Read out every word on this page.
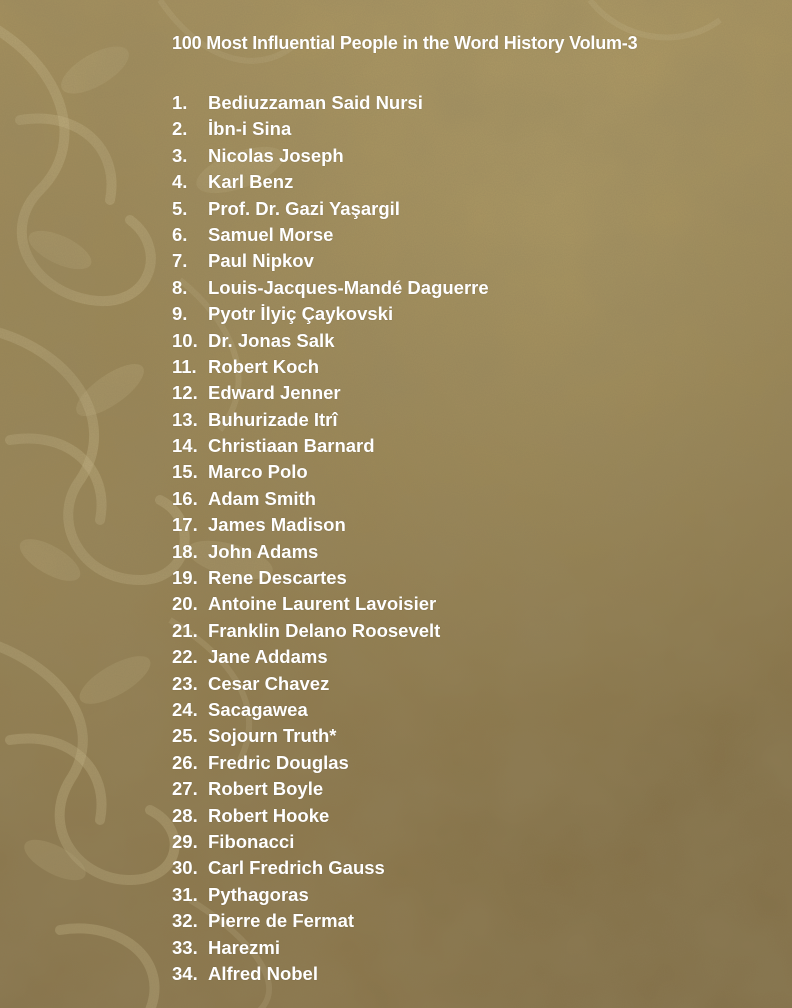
100 Most Influential People in the Word History Volum-3
1.	Bediuzzaman Said Nursi
2.	İbn-i Sina
3.	Nicolas Joseph
4.	Karl Benz
5.	Prof. Dr. Gazi Yaşargil
6.	Samuel Morse
7.	Paul Nipkov
8.	Louis-Jacques-Mandé Daguerre
9.	Pyotr İlyiç Çaykovski
10. Dr. Jonas Salk
11. Robert Koch
12. Edward Jenner
13. Buhurizade Itrî
14. Christiaan Barnard
15. Marco Polo
16. Adam Smith
17. James Madison
18. John Adams
19. Rene Descartes
20. Antoine Laurent Lavoisier
21. Franklin Delano Roosevelt
22. Jane Addams
23. Cesar Chavez
24. Sacagawea
25. Sojourn Truth*
26. Fredric Douglas
27. Robert Boyle
28. Robert Hooke
29. Fibonacci
30. Carl Fredrich Gauss
31. Pythagoras
32. Pierre de Fermat
33. Harezmi
34. Alfred Nobel
